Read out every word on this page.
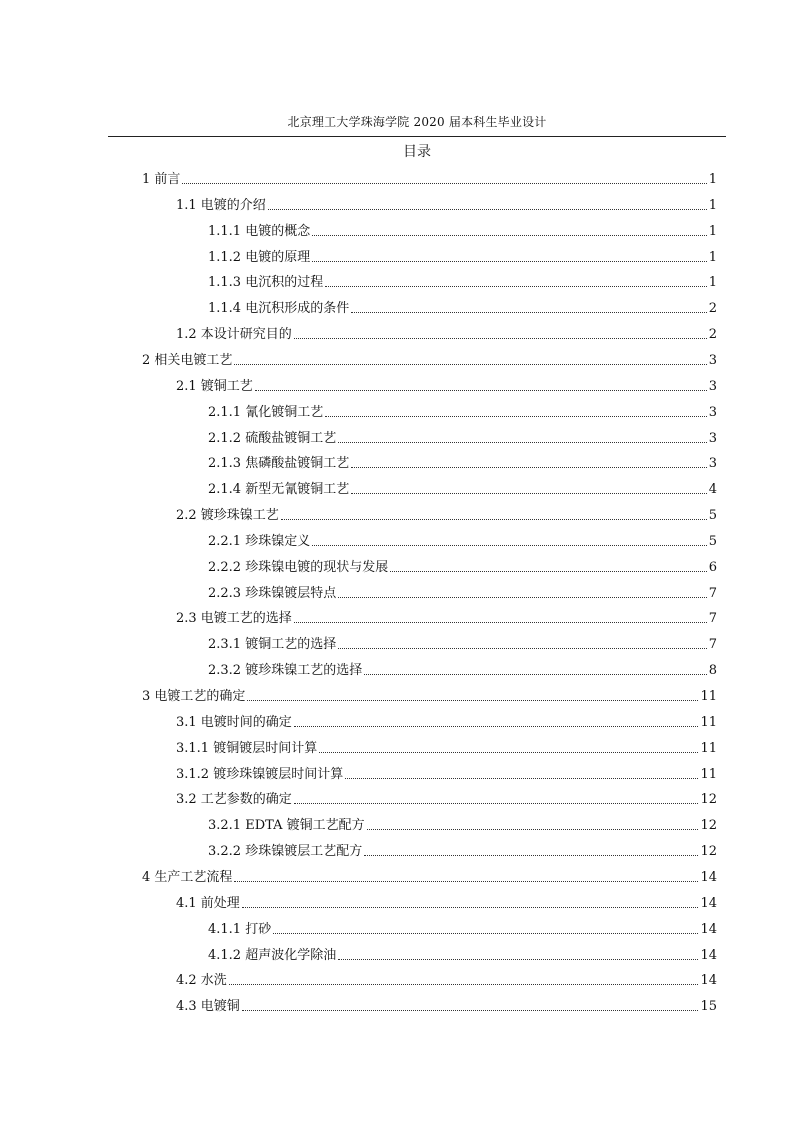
北京理工大学珠海学院 2020 届本科生毕业设计
目录
1 前言	1
1.1 电镀的介绍	1
1.1.1 电镀的概念	1
1.1.2 电镀的原理	1
1.1.3 电沉积的过程	1
1.1.4 电沉积形成的条件	2
1.2 本设计研究目的	2
2 相关电镀工艺	3
2.1 镀铜工艺	3
2.1.1 氰化镀铜工艺	3
2.1.2 硫酸盐镀铜工艺	3
2.1.3 焦磷酸盐镀铜工艺	3
2.1.4 新型无氰镀铜工艺	4
2.2 镀珍珠镍工艺	5
2.2.1 珍珠镍定义	5
2.2.2 珍珠镍电镀的现状与发展	6
2.2.3 珍珠镍镀层特点	7
2.3 电镀工艺的选择	7
2.3.1 镀铜工艺的选择	7
2.3.2 镀珍珠镍工艺的选择	8
3 电镀工艺的确定	11
3.1 电镀时间的确定	11
3.1.1 镀铜镀层时间计算	11
3.1.2 镀珍珠镍镀层时间计算	11
3.2 工艺参数的确定	12
3.2.1 EDTA 镀铜工艺配方	12
3.2.2 珍珠镍镀层工艺配方	12
4 生产工艺流程	14
4.1 前处理	14
4.1.1 打砂	14
4.1.2 超声波化学除油	14
4.2 水洗	14
4.3 电镀铜	15
